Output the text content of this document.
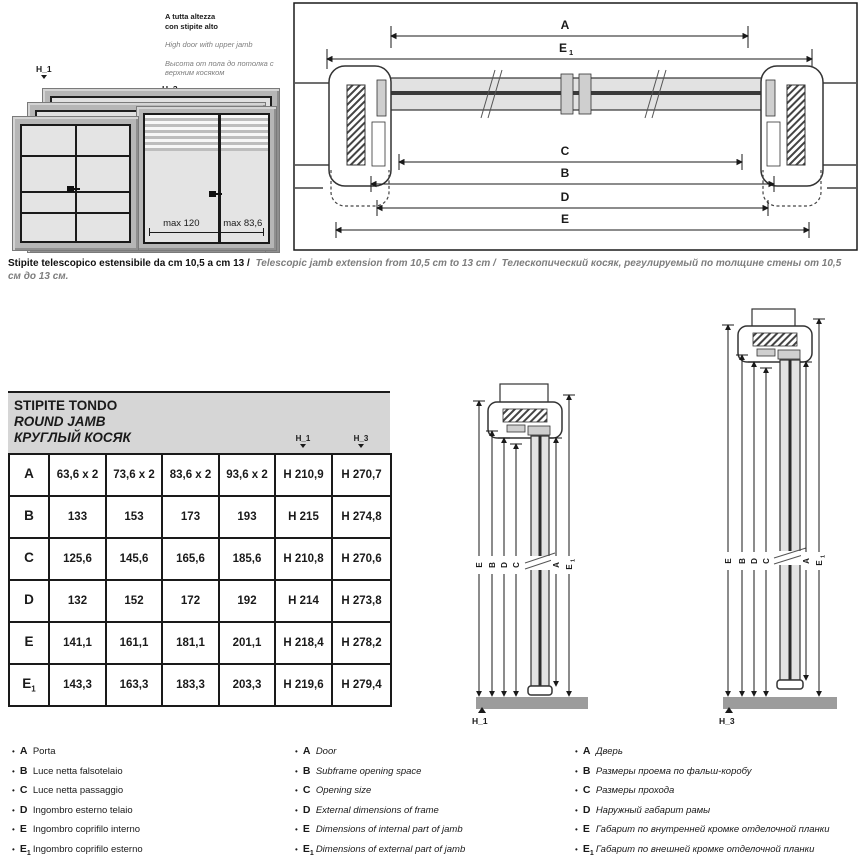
A tutta altezza
con stipite alto
High door with upper jamb
Высота от пола до потолка с
верхним косяком
H_1
max 120	max 83,6
A
E 1
C
B
D
E

Stipite telescopico estensibile da cm 10,5 a cm 13 / Telescopic jamb extension from 10,5 cm to 13 cm / Телескопический косяк, регулируемый по толщине стены от 10,5 см до 13 см.

STIPITE TONDO
ROUND JAMB
КРУГЛЫЙ КОСЯК	H_1	H_3
A	63,6 x 2	73,6 x 2	83,6 x 2	93,6 x 2	H 210,9	H 270,7
B	133	153	173	193	H 215	H 274,8
C	125,6	145,6	165,6	185,6	H 210,8	H 270,6
D	132	152	172	192	H 214	H 273,8
E	141,1	161,1	181,1	201,1	H 218,4	H 278,2
$E_1$	143,3	163,3	183,3	203,3	H 219,6	H 279,4
E B D C	A E
1
H_1
E B D C	A E
1
H_3
• A Porta
• B Luce netta falsotelaio
• C Luce netta passaggio
• D Ingombro esterno telaio
• E Ingombro coprifilo interno
• $E_1$ Ingombro coprifilo esterno
• A Door
• B Subframe opening space
• C Opening size
• D External dimensions of frame
• E Dimensions of internal part of jamb
• $E_1$ Dimensions of external part of jamb
• A Дверь
• B Размеры проема по фальш-коробу
• C Размеры прохода
• D Наружный габарит рамы
• E Габарит по внутренней кромке отделочной планки
• $E_1$ Габарит по внешней кромке отделочной планки
